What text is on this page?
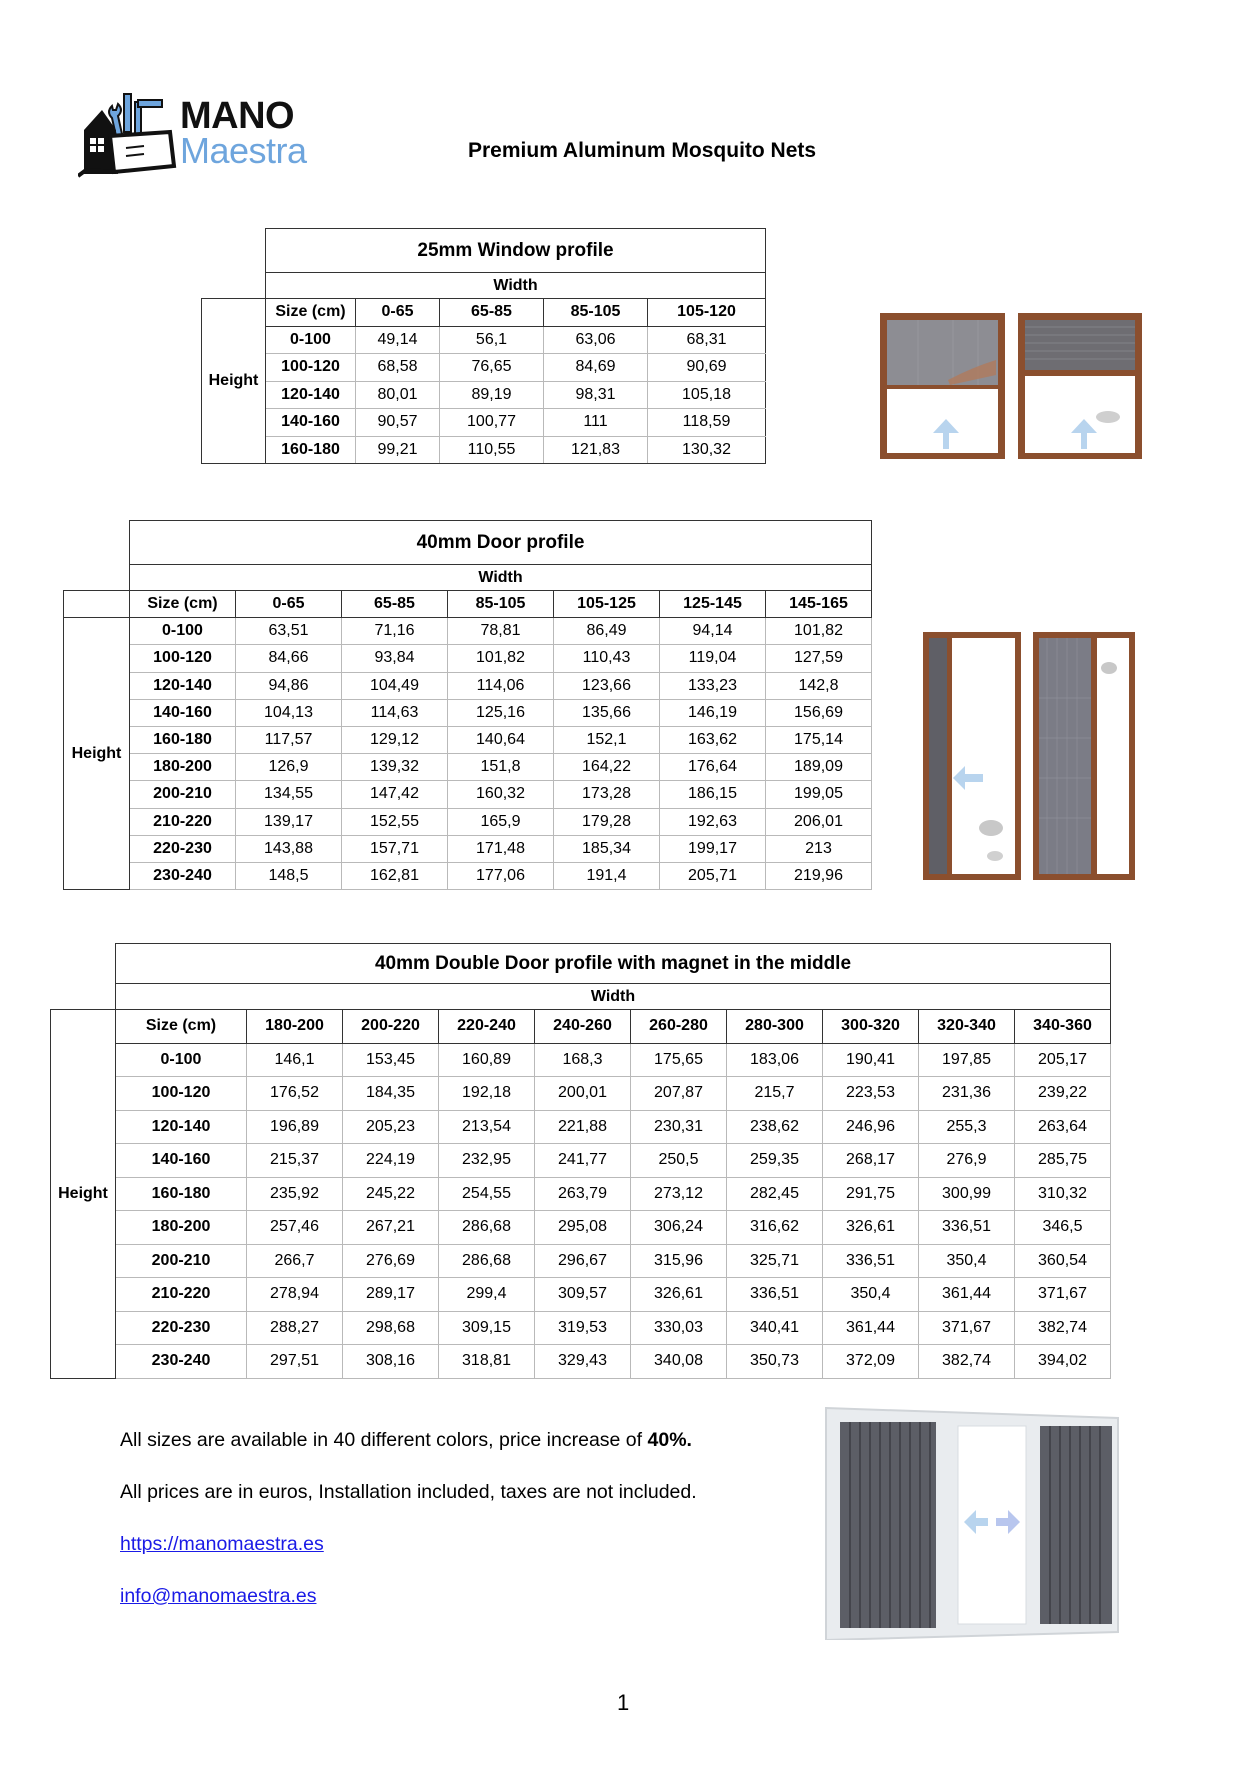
MANO
Maestra	Premium Aluminum Mosquito Nets
	25mm Window profile				
	Width				
Height	Size (cm)	0-65	65-85	85-105	105-120
	0-100	49,14	56,1	63,06	68,31
	100-120	68,58	76,65	84,69	90,69
	120-140	80,01	89,19	98,31	105,18
	140-160	90,57	100,77	111	118,59
	160-180	99,21	110,55	121,83	130,32
	40mm Door profile						
	Width						
	Size (cm)	0-65	65-85	85-105	105-125	125-145	145-165
Height	0-100	63,51	71,16	78,81	86,49	94,14	101,82
	100-120	84,66	93,84	101,82	110,43	119,04	127,59
	120-140	94,86	104,49	114,06	123,66	133,23	142,8
	140-160	104,13	114,63	125,16	135,66	146,19	156,69
	160-180	117,57	129,12	140,64	152,1	163,62	175,14
	180-200	126,9	139,32	151,8	164,22	176,64	189,09
	200-210	134,55	147,42	160,32	173,28	186,15	199,05
	210-220	139,17	152,55	165,9	179,28	192,63	206,01
	220-230	143,88	157,71	171,48	185,34	199,17	213
	230-240	148,5	162,81	177,06	191,4	205,71	219,96
	40mm Double Door profile with magnet in the middle									
	Width									
Height	Size (cm)	180-200	200-220	220-240	240-260	260-280	280-300	300-320	320-340	340-360
	0-100	146,1	153,45	160,89	168,3	175,65	183,06	190,41	197,85	205,17
	100-120	176,52	184,35	192,18	200,01	207,87	215,7	223,53	231,36	239,22
	120-140	196,89	205,23	213,54	221,88	230,31	238,62	246,96	255,3	263,64
	140-160	215,37	224,19	232,95	241,77	250,5	259,35	268,17	276,9	285,75
	160-180	235,92	245,22	254,55	263,79	273,12	282,45	291,75	300,99	310,32
	180-200	257,46	267,21	286,68	295,08	306,24	316,62	326,61	336,51	346,5
	200-210	266,7	276,69	286,68	296,67	315,96	325,71	336,51	350,4	360,54
	210-220	278,94	289,17	299,4	309,57	326,61	336,51	350,4	361,44	371,67
	220-230	288,27	298,68	309,15	319,53	330,03	340,41	361,44	371,67	382,74
	230-240	297,51	308,16	318,81	329,43	340,08	350,73	372,09	382,74	394,02

All sizes are available in 40 different colors, price increase of 40%.

All prices are in euros, Installation included, taxes are not included.

https://manomaestra.es

info@manomaestra.es

1
